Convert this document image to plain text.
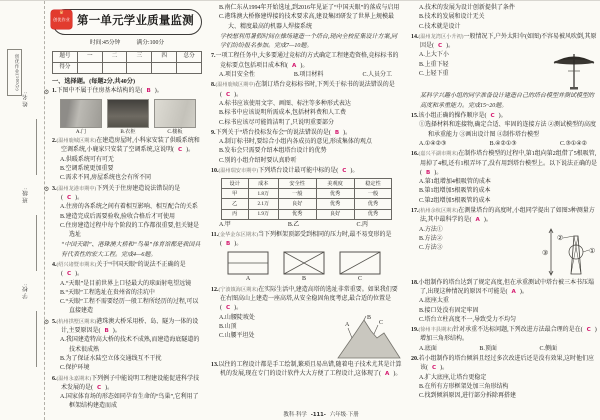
创优作业(100分)
姓名:
班级:
学校:
♛
创优作业 第一单元学业质量监测
时间:45分钟	满分:100分
题号	一	二	三	四	总分
得分					
一、选择题。(每题2分,共40分)
⚙ 1.下图中不属于住房基本结构的是( B )。
A.门	B.衣柜	C.楼板
2.(温州鹿城区期末)在建造房屋时,小科家安装了供暖系统和空调系统,小鹿家只安装了空调系统,这说明( C )。
A.供暖系统可有可无
B.空调系统更加重要
C.需求不同,房屋系统也会有所不同
⚙ 3.(温州龙港市期中)下列关于住房建造说法错误的是( C )。
A.住房的各系统之间有着相互影响、相互配合的关系
B.建造完成后需要验收,验收合格后才可使用
C.住房建造过程中每个阶段的工作都很重要,但关键是选址
“中国天眼”、港珠澳大桥和“鸟巢”体育馆都是我国具有代表性的宏大工程。完成4—6题。
4.(绍兴诸暨市期末)关于“中国天眼”的说法不正确的是( C )。
A.“天眼”是目前世界上口径最大的球面射电望远镜
B.“天眼”工程选址在贵州省的洼坑中
C.“天眼”工程不需要经历一般工程所经历的过程,可以直接建造
⚙ 5.(杭州拱墅区期末)港珠澳大桥采用桥、岛、隧为一体的设计,主要原因是( B )。
A.我国建造特高大桥的技术不成熟,而建造海底隧道的技术很成熟
B.为了保证水陆空立体交通线互不干扰
C.保护环境
6.(温州永嘉期末)下列例子中能说明工程建设能促进科学技术发展的是( C )。
A.国家体育场的形态如同孕育生命的“鸟巢”,它利用了框架结构建造而成
B.南仁东从1994年开始选址,到2016年见证了“中国天眼”的落成与启用
C.港珠澳大桥修建焊接的技术要求高,建设集团研发了世界上规模最大、精度最高的机器人焊接系统
学校想利用暑假时间在操场建造一个塔台,现向全校征集设计方案,同学们纷纷报名参加。完成7—10题。
7.一项工程任务中,大多要通过竞标的方式确定工程建造资格,竞标标书的竞标要点包括项目成本和( A )。
A.项目安全性	B.项目材料	C.人员分工
8.(温州鹿城区期中)在制订塔台竞标标书时,下列关于标书的说法错误的是( C )。
A.标书应该使用文字、画图、标注等多种形式表达
B.标书中应该说明所需成本,包括材料费和人工费
C.标书应该尽可能简洁明了,只说明重要部分
9.下列关于“塔台投标发布会”的说法错误的是( B )。
A.制订标书时,要综合小组内各成员的意见,形成集体的观点
B.发布会只需要介绍本组塔台设计的优势
C.别的小组介绍时要认真聆听
10.(温州瑞安市期中)下列塔台设计最可能中标的是( C )。
设计	成本	安全性	美观度	稳定性
甲	1.8万	一般	优秀	一般
乙	2.1万	良好	优秀	优秀
丙	1.9万	优秀	良好	优秀
A.甲	B.乙	C.丙
11.(金华金东区期末)当下列框架顶部受到相同的压力时,最不易变形的是( B )。
A	B	C
12.(宁波镇海区期末)在实际生活中,建造高塔的选址非常重要。如果我们要在右图高山上建造一座高塔,从安全稳固角度考虑,最合适的位置是( C )。
A.山腰陡坡处
B.山顶
C.山腰平坦处
A
B
C
13.以往的工程设计都是手工绘制,繁琐且易出错,随着电子技术尤其是计算机的发展,现在专门的设计软件大大方便了工程设计,这体现了( A )。
A.技术的发展为设计创新提供了条件
B.技术的发展和设计无关
C.技术就是设计
14.(温州龙湾区小升初)一般情况下,户外太阳伞(如图)不容易被风吹倒,其原因是( C )。
A.上大下小
B.上重下轻
C.上轻下重
某科学兴趣小组的同学准备设计建造自己的塔台模型并测试模型的高度和承重能力。完成15~20题。
15.该小组正确的操作顺序是( C )。
①选择材料和连接物,确定合适、牢固的连接方法 ②测试模型的高度和承重能力 ③画出设计图 ④制作塔台模型
A.①④②③	B.④②①③	C.③①④②
16.(嘉兴平湖市期末)在制作塔台模型的过程中,第1组向第2组借了5根吸管,用掉了4根,还有1根弄坏了,没有用到塔台模型上。以下说法正确的是( B )。
A.第1组增加4根吸管的成本
B.第1组增加5根吸管的成本
C.第2组增加5根吸管的成本
17.(杭州余杭区期末)在测量塔台的高度时,小组同学提出了如图3种测量方法,其中最科学的是( A )。
A.方法①
B.方法②
C.方法③
③
②
①
18.小组制作的塔台达到了规定高度,但在承重测试中塔台被三本书压塌了,出现这种情况的原因不可能是( A )。
A.底座太重
B.接口处没有固定牢固
C.塔台立柱高度不一,导致受力不均匀
19.(徐州丰县期末)针对承重不达标问题,下列改进方法最合理的是在( C )增加三角形结构。
A.底面	B.顶面	C.侧面
20.若小组制作的塔台倾斜且经过多次改进后还是没有效果,这时他们应该( C )。
A.扩大底座,让塔台更稳定
B.在所有方形框架处加三角形结构
C.找到倾斜原因,进行部分拆除再搭建
教科·科学 -111- 六年级·下册
